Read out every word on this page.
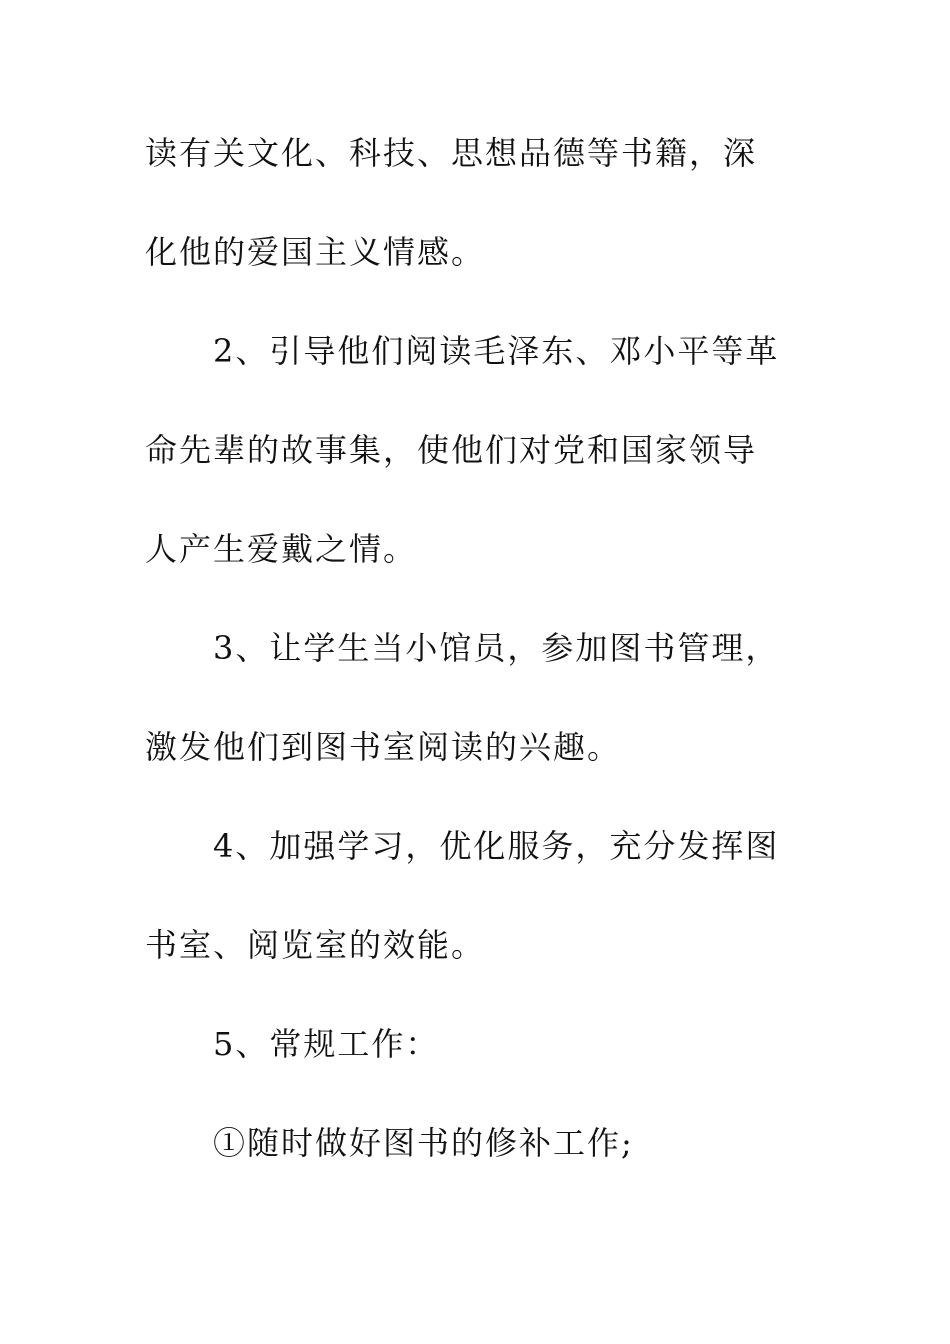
读有关文化、科技、思想品德等书籍，深

化他的爱国主义情感。

2、引导他们阅读毛泽东、邓小平等革

命先辈的故事集，使他们对党和国家领导

人产生爱戴之情。

3、让学生当小馆员，参加图书管理，

激发他们到图书室阅读的兴趣。

4、加强学习，优化服务，充分发挥图

书室、阅览室的效能。

5、常规工作：

①随时做好图书的修补工作;
